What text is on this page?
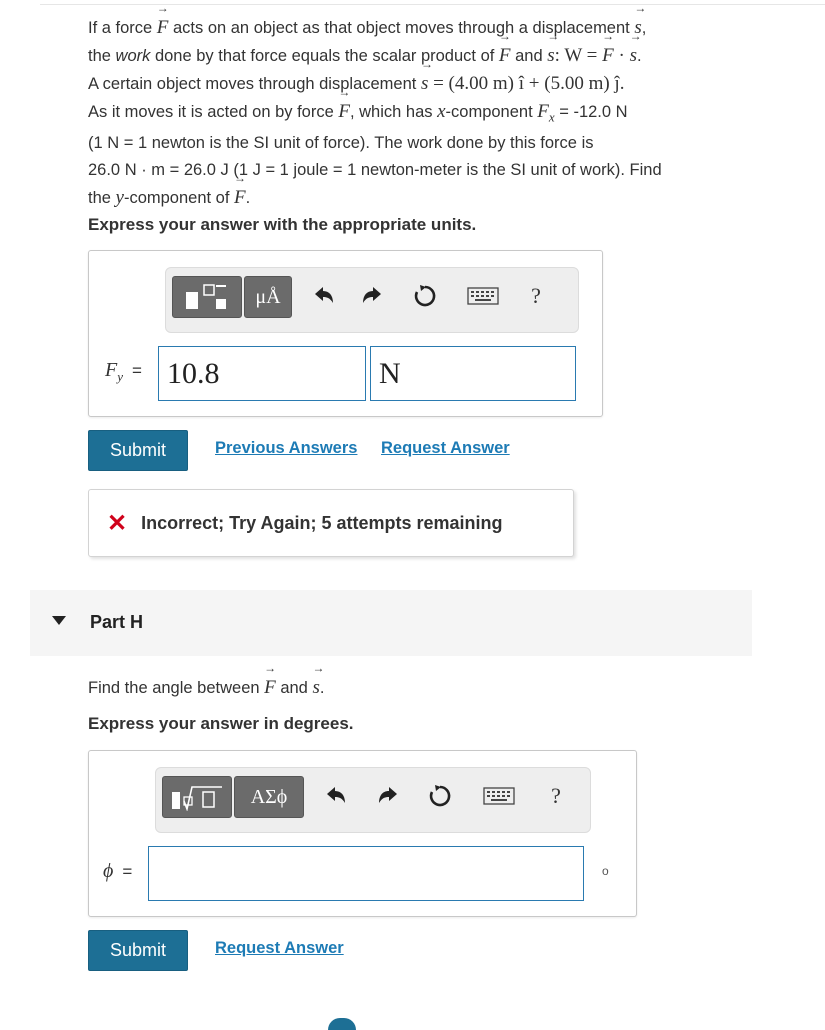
If a force F → acts on an object as that object moves through a displacement s →,
the work done by that force equals the scalar product of F → and s →: W = F → · s →.
A certain object moves through displacement s → = (4.00 m) î + (5.00 m) ĵ.
As it moves it is acted on by force F →, which has x-component $F_x = -12.0$ N
(1 N = 1 newton is the SI unit of force). The work done by this force is
26.0 N · m = 26.0 J (1 J = 1 joule = 1 newton-meter is the SI unit of work). Find
the y-component of F →.
Express your answer with the appropriate units.
μÅ	?
$F_y = 10.8$	N
Submit	Previous Answers Request Answer
✕ Incorrect; Try Again; 5 attempts remaining
Part H
Find the angle between F → and s →.
Express your answer in degrees.
ΑΣϕ	?
ϕ =	o
Submit	Request Answer
